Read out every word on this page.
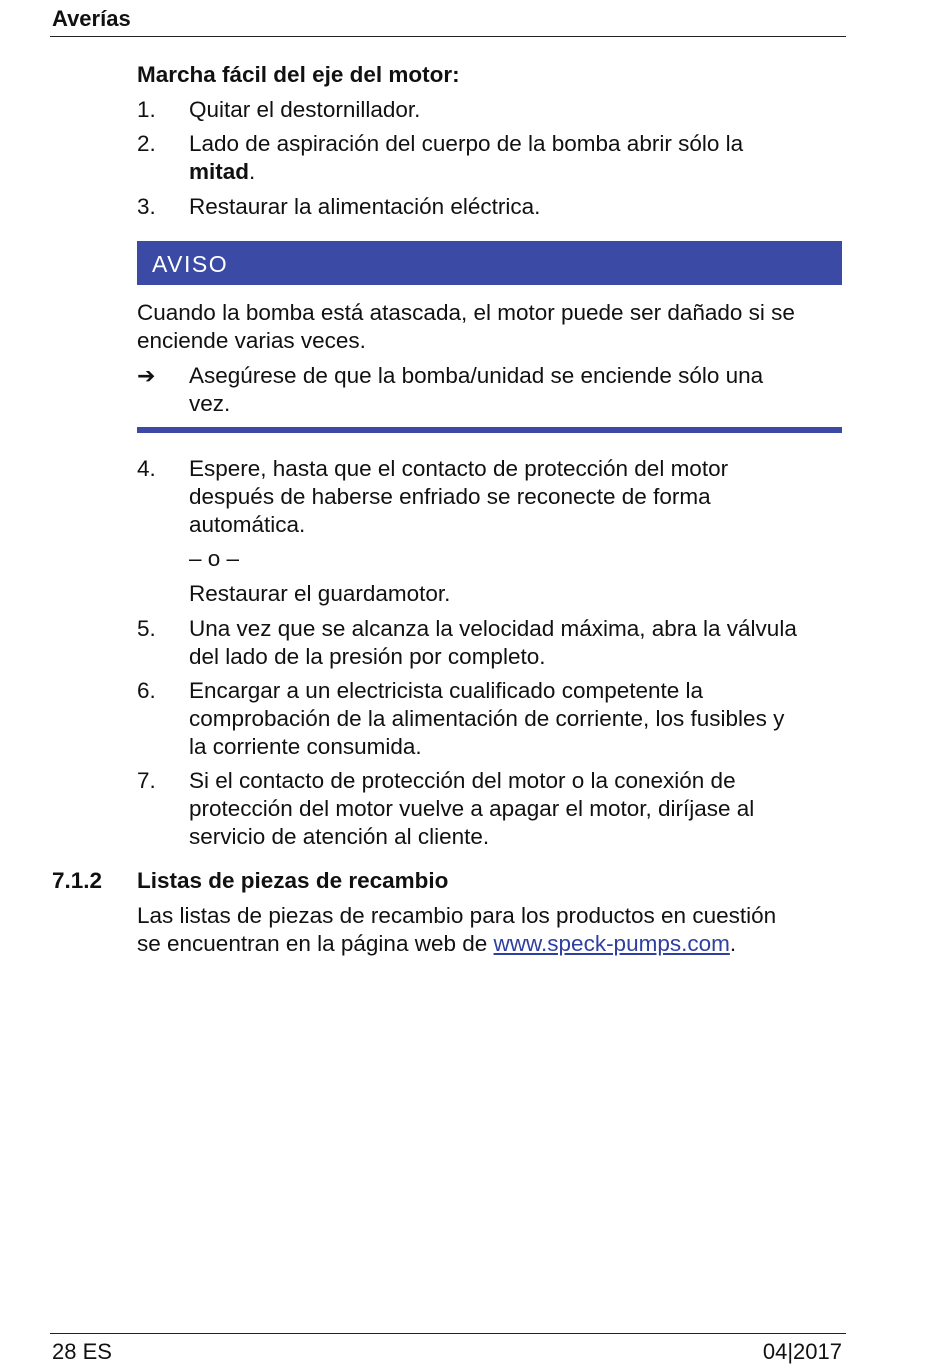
Averías
Marcha fácil del eje del motor:
1. Quitar el destornillador.
2. Lado de aspiración del cuerpo de la bomba abrir sólo la
mitad.
3. Restaurar la alimentación eléctrica.
AVISO
Cuando la bomba está atascada, el motor puede ser dañado si se
enciende varias veces.
➔ Asegúrese de que la bomba/unidad se enciende sólo una
vez.
4. Espere, hasta que el contacto de protección del motor
después de haberse enfriado se reconecte de forma
automática.
– o –
Restaurar el guardamotor.
5. Una vez que se alcanza la velocidad máxima, abra la válvula
del lado de la presión por completo.
6. Encargar a un electricista cualificado competente la
comprobación de la alimentación de corriente, los fusibles y
la corriente consumida.
7. Si el contacto de protección del motor o la conexión de
protección del motor vuelve a apagar el motor, diríjase al
servicio de atención al cliente.
7.1.2 Listas de piezas de recambio
Las listas de piezas de recambio para los productos en cuestión
se encuentran en la página web de www.speck-pumps.com.
28 ES	04|2017
